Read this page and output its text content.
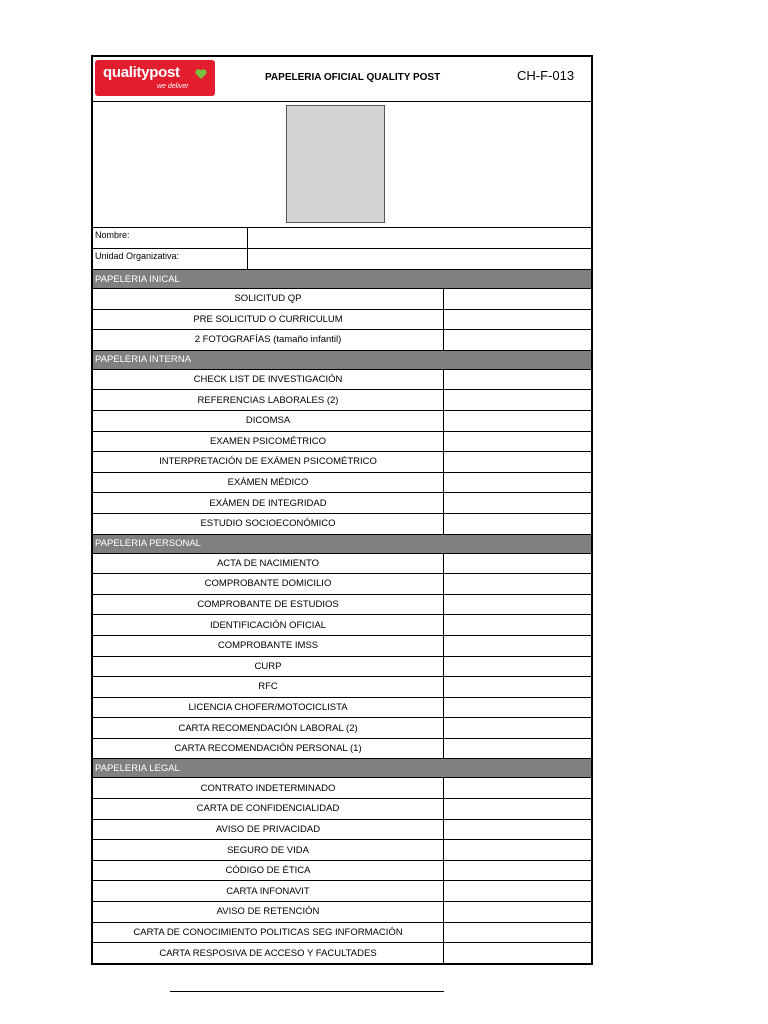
qualitypost
we deliver
PAPELERIA OFICIAL QUALITY POST	CH-F-013
Nombre:
Unidad Organizativa:
PAPELERIA INICAL
SOLICITUD QP
PRE SOLICITUD O CURRICULUM
2 FOTOGRAFÍAS (tamaño infantil)
PAPELERIA INTERNA
CHECK LIST DE INVESTIGACIÓN
REFERENCIAS LABORALES (2)
DICOMSA
EXAMEN PSICOMÉTRICO
INTERPRETACIÓN DE EXÁMEN PSICOMÉTRICO
EXÁMEN MÉDICO
EXÁMEN DE INTEGRIDAD
ESTUDIO SOCIOECONÓMICO
PAPELERIA PERSONAL
ACTA DE NACIMIENTO
COMPROBANTE DOMICILIO
COMPROBANTE DE ESTUDIOS
IDENTIFICACIÓN OFICIAL
COMPROBANTE IMSS
CURP
RFC
LICENCIA CHOFER/MOTOCICLISTA
CARTA RECOMENDACIÓN LABORAL (2)
CARTA RECOMENDACIÓN PERSONAL (1)
PAPELERIA LEGAL
CONTRATO INDETERMINADO
CARTA DE CONFIDENCIALIDAD
AVISO DE PRIVACIDAD
SEGURO DE VIDA
CÓDIGO DE ÉTICA
CARTA INFONAVIT
AVISO DE RETENCIÓN
CARTA DE CONOCIMIENTO POLITICAS SEG INFORMACIÓN
CARTA RESPOSIVA DE ACCESO Y FACULTADES
